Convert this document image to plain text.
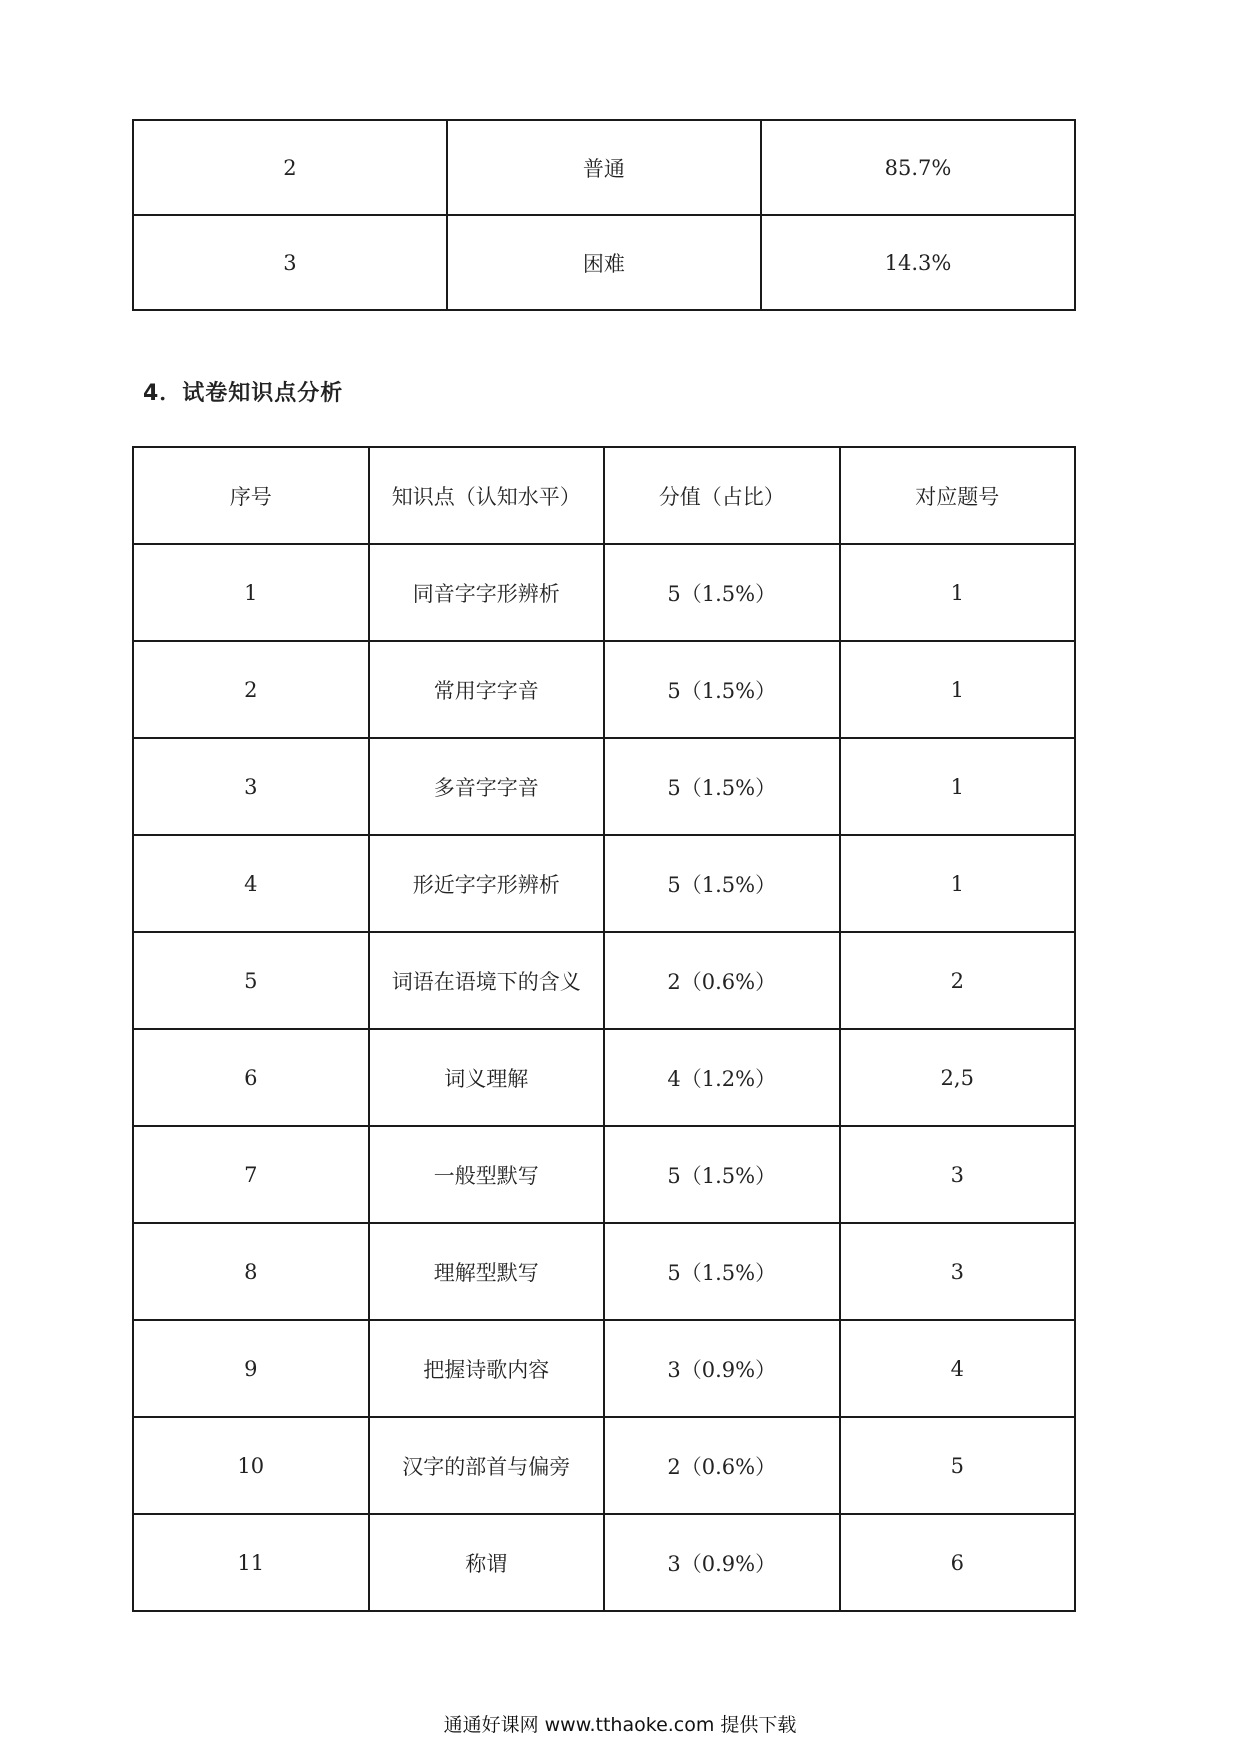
2	普通	85.7%
3	困难	14.3%
4．试卷知识点分析
序号	知识点（认知水平）	分值（占比）	对应题号
1	同音字字形辨析	5（1.5%）	1
2	常用字字音	5（1.5%）	1
3	多音字字音	5（1.5%）	1
4	形近字字形辨析	5（1.5%）	1
5	词语在语境下的含义	2（0.6%）	2
6	词义理解	4（1.2%）	2,5
7	一般型默写	5（1.5%）	3
8	理解型默写	5（1.5%）	3
9	把握诗歌内容	3（0.9%）	4
10	汉字的部首与偏旁	2（0.6%）	5
11	称谓	3（0.9%）	6
通通好课网 www.tthaoke.com 提供下载
